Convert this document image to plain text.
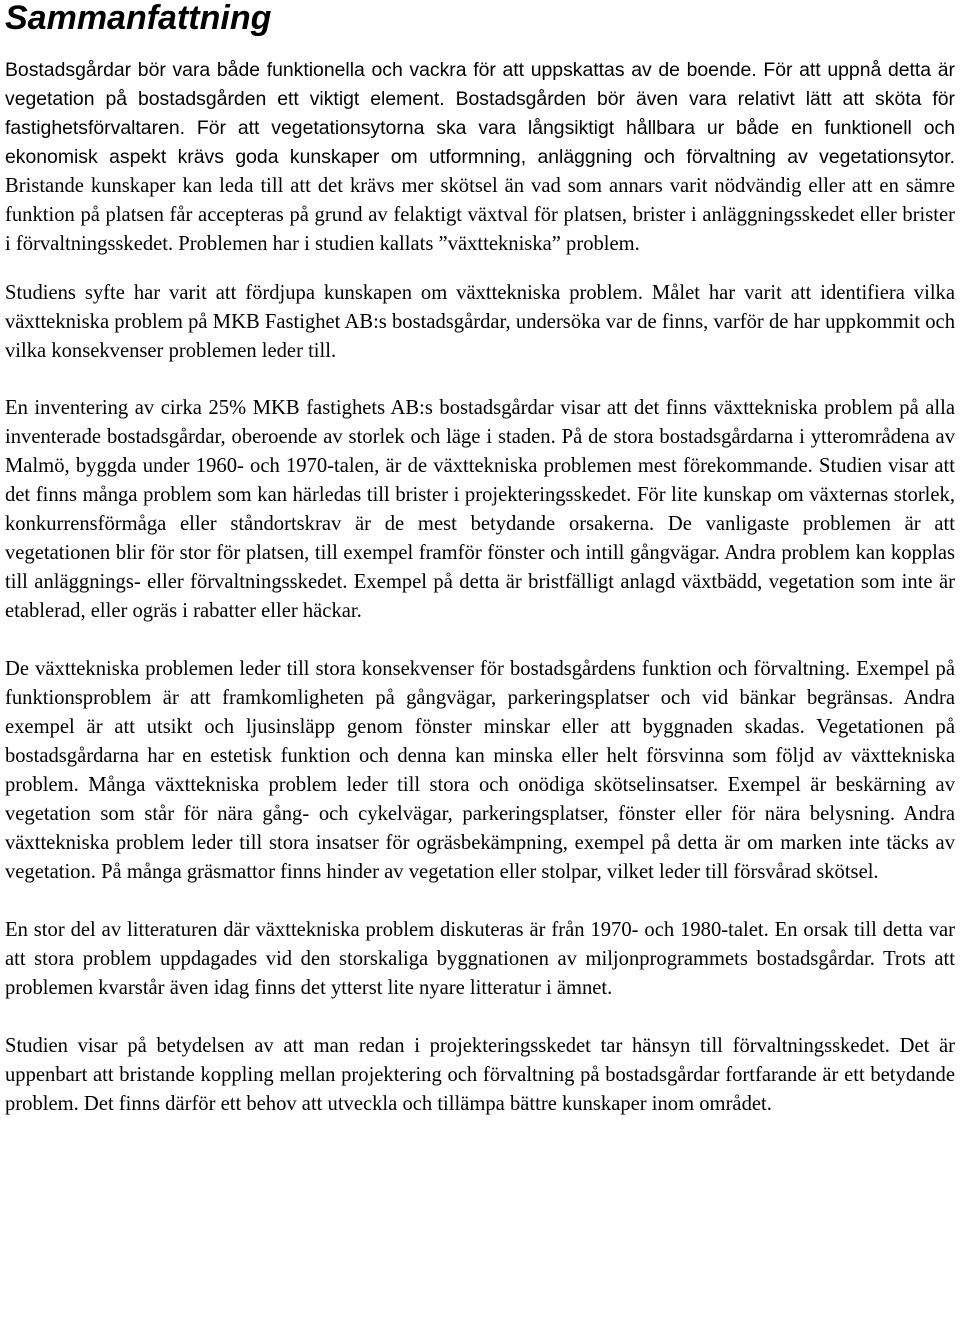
Sammanfattning

Bostadsgårdar bör vara både funktionella och vackra för att uppskattas av de boende. För att uppnå detta är vegetation på bostadsgården ett viktigt element. Bostadsgården bör även vara relativt lätt att sköta för fastighetsförvaltaren. För att vegetationsytorna ska vara långsiktigt hållbara ur både en funktionell och ekonomisk aspekt krävs goda kunskaper om utformning, anläggning och förvaltning av vegetationsytor. Bristande kunskaper kan leda till att det krävs mer skötsel än vad som annars varit nödvändig eller att en sämre funktion på platsen får accepteras på grund av felaktigt växtval för platsen, brister i anläggningsskedet eller brister i förvaltningsskedet. Problemen har i studien kallats ”växttekniska” problem.

Studiens syfte har varit att fördjupa kunskapen om växttekniska problem. Målet har varit att identifiera vilka växttekniska problem på MKB Fastighet AB:s bostadsgårdar, undersöka var de finns, varför de har uppkommit och vilka konsekvenser problemen leder till.

En inventering av cirka 25% MKB fastighets AB:s bostadsgårdar visar att det finns växttekniska problem på alla inventerade bostadsgårdar, oberoende av storlek och läge i staden. På de stora bostadsgårdarna i ytterområdena av Malmö, byggda under 1960- och 1970-talen, är de växttekniska problemen mest förekommande. Studien visar att det finns många problem som kan härledas till brister i projekteringsskedet. För lite kunskap om växternas storlek, konkurrensförmåga eller ståndortskrav är de mest betydande orsakerna. De vanligaste problemen är att vegetationen blir för stor för platsen, till exempel framför fönster och intill gångvägar. Andra problem kan kopplas till anläggnings- eller förvaltningsskedet. Exempel på detta är bristfälligt anlagd växtbädd, vegetation som inte är etablerad, eller ogräs i rabatter eller häckar.

De växttekniska problemen leder till stora konsekvenser för bostadsgårdens funktion och förvaltning. Exempel på funktionsproblem är att framkomligheten på gångvägar, parkeringsplatser och vid bänkar begränsas. Andra exempel är att utsikt och ljusinsläpp genom fönster minskar eller att byggnaden skadas. Vegetationen på bostadsgårdarna har en estetisk funktion och denna kan minska eller helt försvinna som följd av växttekniska problem. Många växttekniska problem leder till stora och onödiga skötselinsatser. Exempel är beskärning av vegetation som står för nära gång- och cykelvägar, parkeringsplatser, fönster eller för nära belysning. Andra växttekniska problem leder till stora insatser för ogräsbekämpning, exempel på detta är om marken inte täcks av vegetation. På många gräsmattor finns hinder av vegetation eller stolpar, vilket leder till försvårad skötsel.

En stor del av litteraturen där växttekniska problem diskuteras är från 1970- och 1980-talet. En orsak till detta var att stora problem uppdagades vid den storskaliga byggnationen av miljonprogrammets bostadsgårdar. Trots att problemen kvarstår även idag finns det ytterst lite nyare litteratur i ämnet.

Studien visar på betydelsen av att man redan i projekteringsskedet tar hänsyn till förvaltningsskedet. Det är uppenbart att bristande koppling mellan projektering och förvaltning på bostadsgårdar fortfarande är ett betydande problem. Det finns därför ett behov att utveckla och tillämpa bättre kunskaper inom området.
